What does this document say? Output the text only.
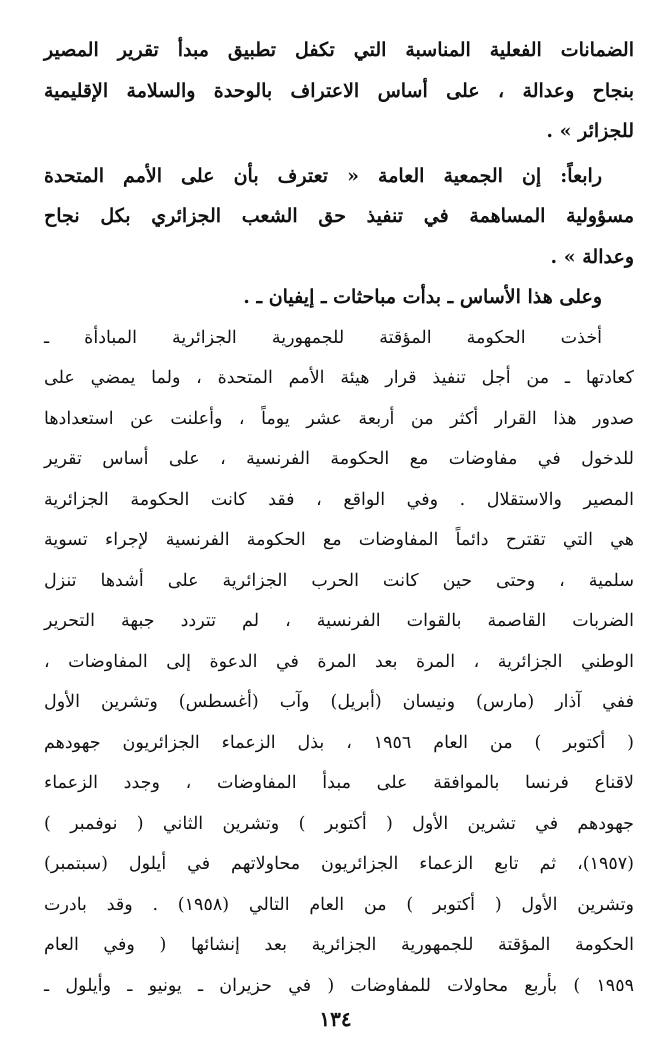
الضمانات الفعلية المناسبة التي تكفل تطبيق مبدأ تقرير المصير
بنجاح وعدالة ، على أساس الاعتراف بالوحدة والسلامة الإقليمية
للجزائر » .
رابعاً: إن الجمعية العامة « تعترف بأن على الأمم المتحدة
مسؤولية المساهمة في تنفيذ حق الشعب الجزائري بكل نجاح
وعدالة » .
وعلى هذا الأساس ـ بدأت مباحثات ـ إيفيان ـ .
أخذت الحكومة المؤقتة للجمهورية الجزائرية المبادأة ـ
كعادتها ـ من أجل تنفيذ قرار هيئة الأمم المتحدة ، ولما يمضي على
صدور هذا القرار أكثر من أربعة عشر يوماً ، وأعلنت عن استعدادها
للدخول في مفاوضات مع الحكومة الفرنسية ، على أساس تقرير
المصير والاستقلال . وفي الواقع ، فقد كانت الحكومة الجزائرية
هي التي تقترح دائماً المفاوضات مع الحكومة الفرنسية لإجراء تسوية
سلمية ، وحتى حين كانت الحرب الجزائرية على أشدها تنزل
الضربات القاصمة بالقوات الفرنسية ، لم تتردد جبهة التحرير
الوطني الجزائرية ، المرة بعد المرة في الدعوة إلى المفاوضات ،
ففي آذار (مارس) ونيسان (أبريل) وآب (أغسطس) وتشرين الأول
( أكتوبر ) من العام ١٩٥٦ ، بذل الزعماء الجزائريون جهودهم
لاقناع فرنسا بالموافقة على مبدأ المفاوضات ، وجدد الزعماء
جهودهم في تشرين الأول ( أكتوبر ) وتشرين الثاني ( نوفمبر )
(١٩٥٧)، ثم تابع الزعماء الجزائريون محاولاتهم في أيلول (سبتمبر)
وتشرين الأول ( أكتوبر ) من العام التالي (١٩٥٨) . وقد بادرت
الحكومة المؤقتة للجمهورية الجزائرية بعد إنشائها ( وفي العام
١٩٥٩ ) بأربع محاولات للمفاوضات ( في حزيران ـ يونيو ـ وأيلول ـ
١٣٤
